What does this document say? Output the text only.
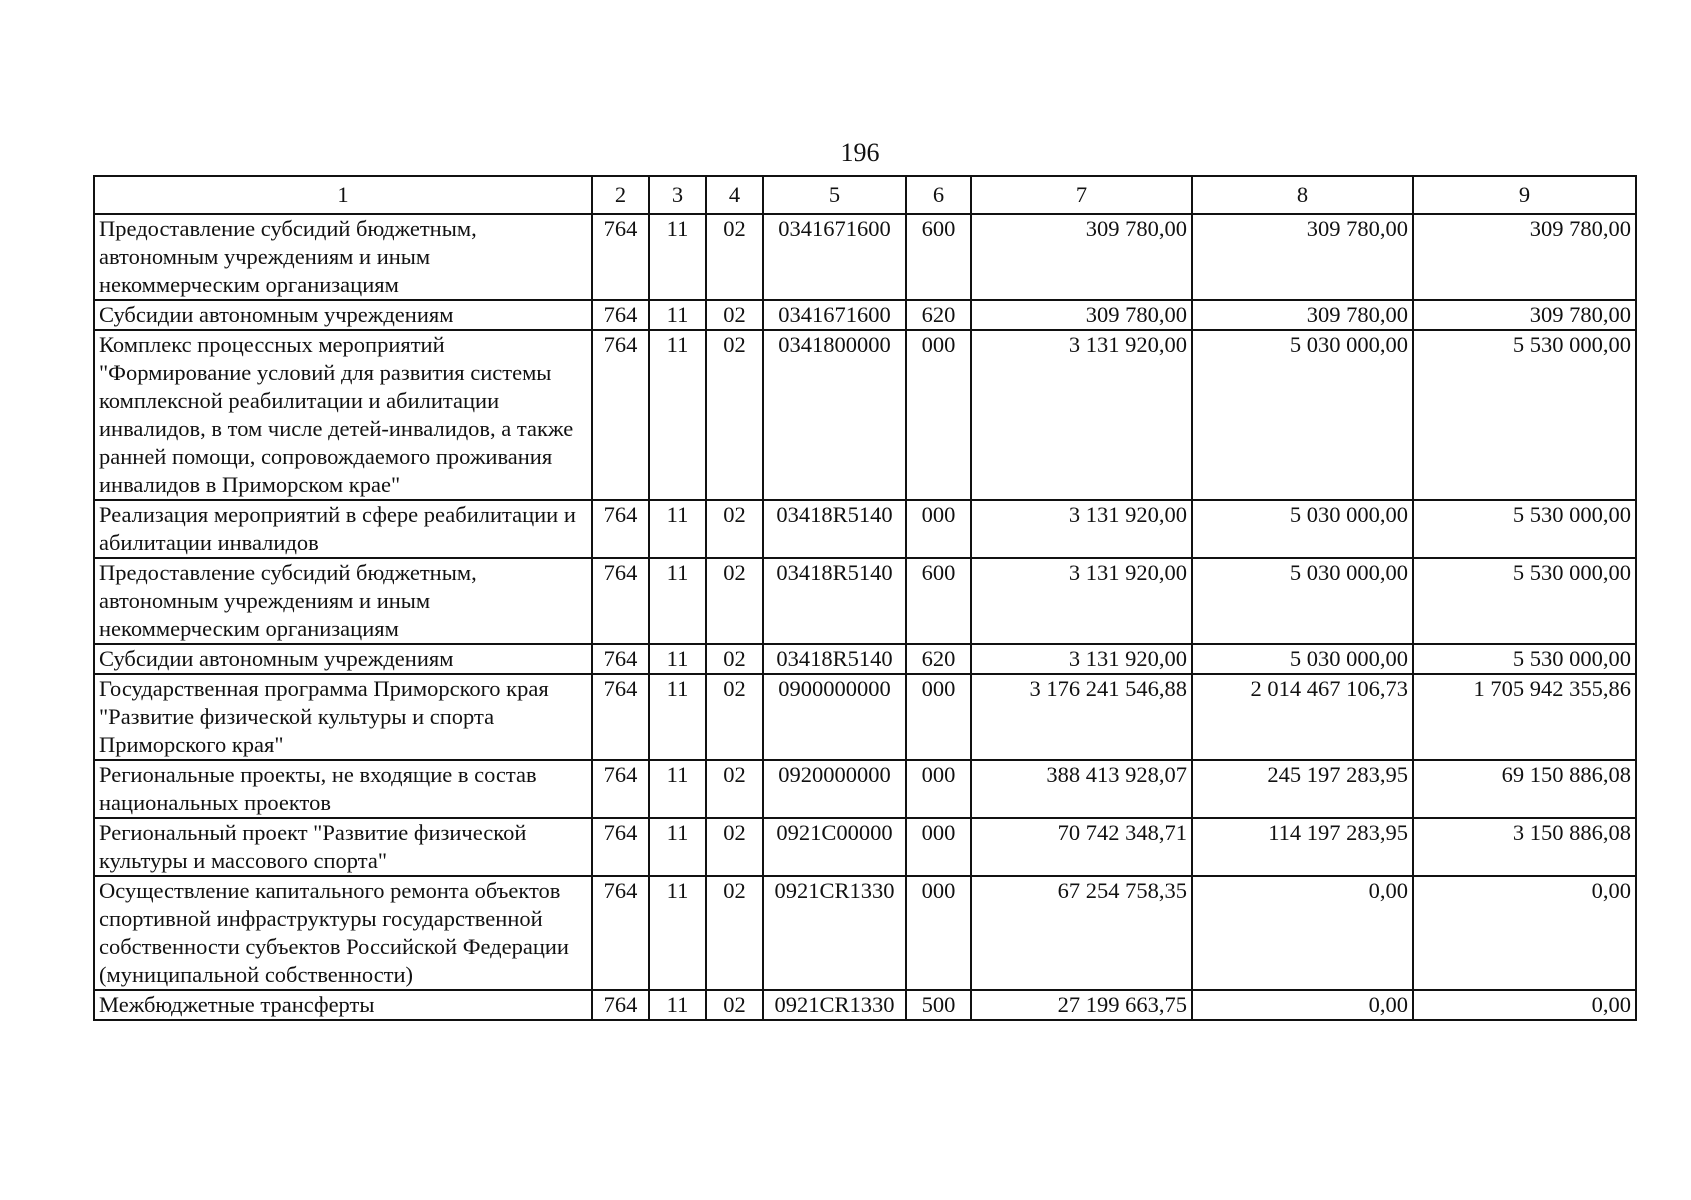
196
1	2	3	4	5	6	7	8	9
Предоставление субсидий бюджетным, автономным учреждениям и иным некоммерческим организациям	764	11	02	0341671600	600	309 780,00	309 780,00	309 780,00
Субсидии автономным учреждениям	764	11	02	0341671600	620	309 780,00	309 780,00	309 780,00
Комплекс процессных мероприятий "Формирование условий для развития системы комплексной реабилитации и абилитации инвалидов, в том числе детей-инвалидов, а также ранней помощи, сопровождаемого проживания инвалидов в Приморском крае"	764	11	02	0341800000	000	3 131 920,00	5 030 000,00	5 530 000,00
Реализация мероприятий в сфере реабилитации и абилитации инвалидов	764	11	02	03418R5140	000	3 131 920,00	5 030 000,00	5 530 000,00
Предоставление субсидий бюджетным, автономным учреждениям и иным некоммерческим организациям	764	11	02	03418R5140	600	3 131 920,00	5 030 000,00	5 530 000,00
Субсидии автономным учреждениям	764	11	02	03418R5140	620	3 131 920,00	5 030 000,00	5 530 000,00
Государственная программа Приморского края "Развитие физической культуры и спорта Приморского края"	764	11	02	0900000000	000	3 176 241 546,88	2 014 467 106,73	1 705 942 355,86
Региональные проекты, не входящие в состав национальных проектов	764	11	02	0920000000	000	388 413 928,07	245 197 283,95	69 150 886,08
Региональный проект "Развитие физической культуры и массового спорта"	764	11	02	0921C00000	000	70 742 348,71	114 197 283,95	3 150 886,08
Осуществление капитального ремонта объектов спортивной инфраструктуры государственной собственности субъектов Российской Федерации (муниципальной собственности)	764	11	02	0921CR1330	000	67 254 758,35	0,00	0,00
Межбюджетные трансферты	764	11	02	0921CR1330	500	27 199 663,75	0,00	0,00
